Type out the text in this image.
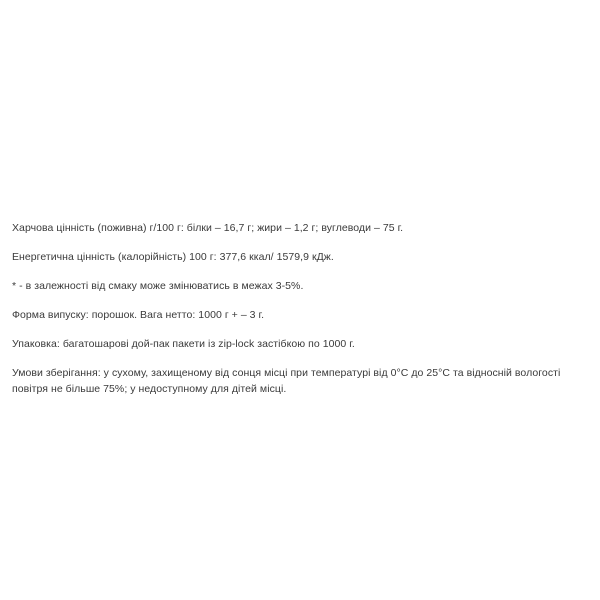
Харчова цінність (поживна) г/100 г: білки – 16,7 г; жири – 1,2 г; вуглеводи – 75 г.

Енергетична цінність (калорійність) 100 г: 377,6 ккал/ 1579,9 кДж.

* - в залежності від смаку може змінюватись в межах 3-5%.

Форма випуску: порошок. Вага нетто: 1000 г + – 3 г.

Упаковка: багатошарові дой-пак пакети із zip-lock застібкою по 1000 г.

Умови зберігання: у сухому, захищеному від сонця місці при температурі від 0°С до 25°С та відносній вологості повітря не більше 75%; у недоступному для дітей місці.
